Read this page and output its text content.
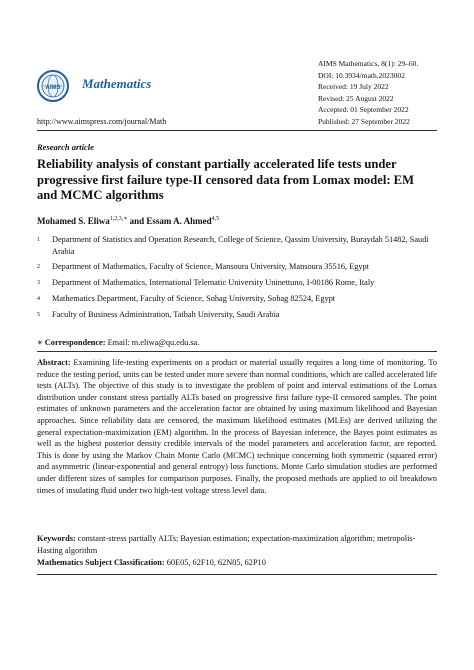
AIMS Mathematics
http://www.aimspress.com/journal/Math
AIMS Mathematics, 8(1): 29–60.
DOI: 10.3934/math.2023002
Received: 19 July 2022
Revised: 25 August 2022
Accepted: 01 September 2022
Published: 27 September 2022
Research article
Reliability analysis of constant partially accelerated life tests under progressive first failure type-II censored data from Lomax model: EM and MCMC algorithms
Mohamed S. Eliwa$^{1,2,3,∗}$ and Essam A. Ahmed$^{4,5}$
1	Department of Statistics and Operation Research, College of Science, Qassim University, Buraydah 51482, Saudi Arabia
2	Department of Mathematics, Faculty of Science, Mansoura University, Mansoura 35516, Egypt
3	Department of Mathematics, International Telematic University Uninettuno, I-00186 Rome, Italy
4	Mathematics Department, Faculty of Science, Sohag University, Sohag 82524, Egypt
5	Faculty of Business Administration, Taibah University, Saudi Arabia
∗ Correspondence: Email: m.eliwa@qu.edu.sa.
Abstract: Examining life-testing experiments on a product or material usually requires a long time of monitoring. To reduce the testing period, units can be tested under more severe than normal conditions, which are called accelerated life tests (ALTs). The objective of this study is to investigate the problem of point and interval estimations of the Lomax distribution under constant stress partially ALTs based on progressive first failure type-II censored samples. The point estimates of unknown parameters and the acceleration factor are obtained by using maximum likelihood and Bayesian approaches. Since reliability data are censored, the maximum likelihood estimates (MLEs) are derived utilizing the general expectation-maximization (EM) algorithm. In the process of Bayesian inference, the Bayes point estimates as well as the highest posterior density credible intervals of the model parameters and acceleration factor, are reported. This is done by using the Markov Chain Monte Carlo (MCMC) technique concerning both symmetric (squared error) and asymmetric (linear-exponential and general entropy) loss functions. Monte Carlo simulation studies are performed under different sizes of samples for comparison purposes. Finally, the proposed methods are applied to oil breakdown times of insulating fluid under two high-test voltage stress level data.
Keywords: constant-stress partially ALTs; Bayesian estimation; expectation-maximization algorithm; metropolis-Hasting algorithm
Mathematics Subject Classification: 60E05, 62F10, 62N05, 62P10
